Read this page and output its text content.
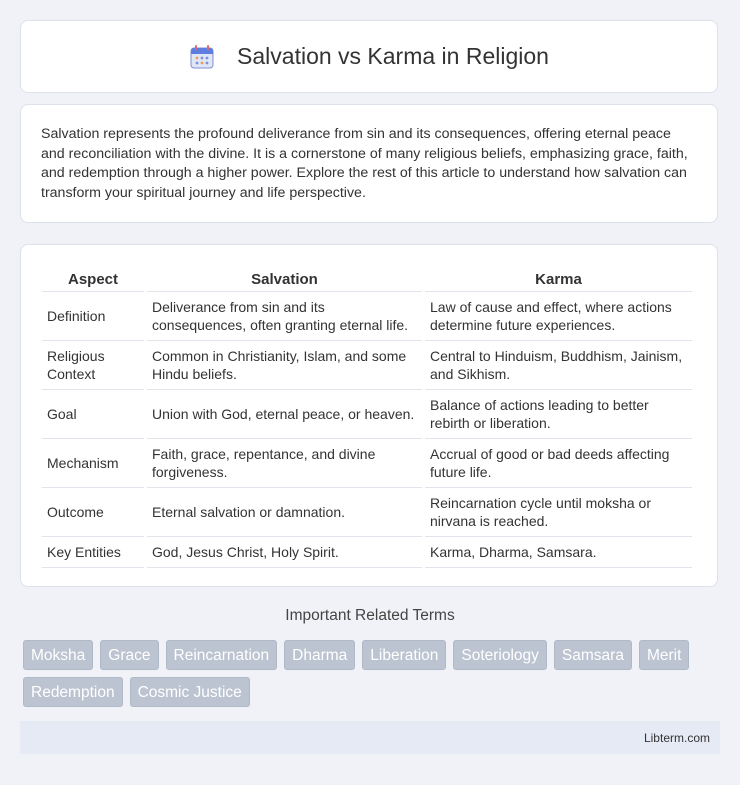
Salvation vs Karma in Religion

Salvation represents the profound deliverance from sin and its consequences, offering eternal peace and reconciliation with the divine. It is a cornerstone of many religious beliefs, emphasizing grace, faith, and redemption through a higher power. Explore the rest of this article to understand how salvation can transform your spiritual journey and life perspective.

Aspect	Salvation	Karma
Definition	Deliverance from sin and its consequences, often granting eternal life.	Law of cause and effect, where actions determine future experiences.
Religious Context	Common in Christianity, Islam, and some Hindu beliefs.	Central to Hinduism, Buddhism, Jainism, and Sikhism.
Goal	Union with God, eternal peace, or heaven.	Balance of actions leading to better rebirth or liberation.
Mechanism	Faith, grace, repentance, and divine forgiveness.	Accrual of good or bad deeds affecting future life.
Outcome	Eternal salvation or damnation.	Reincarnation cycle until moksha or nirvana is reached.
Key Entities	God, Jesus Christ, Holy Spirit.	Karma, Dharma, Samsara.
Important Related Terms
Moksha	Grace	Reincarnation	Dharma	Liberation	Soteriology	Samsara	Merit
Redemption	Cosmic Justice
Libterm.com
